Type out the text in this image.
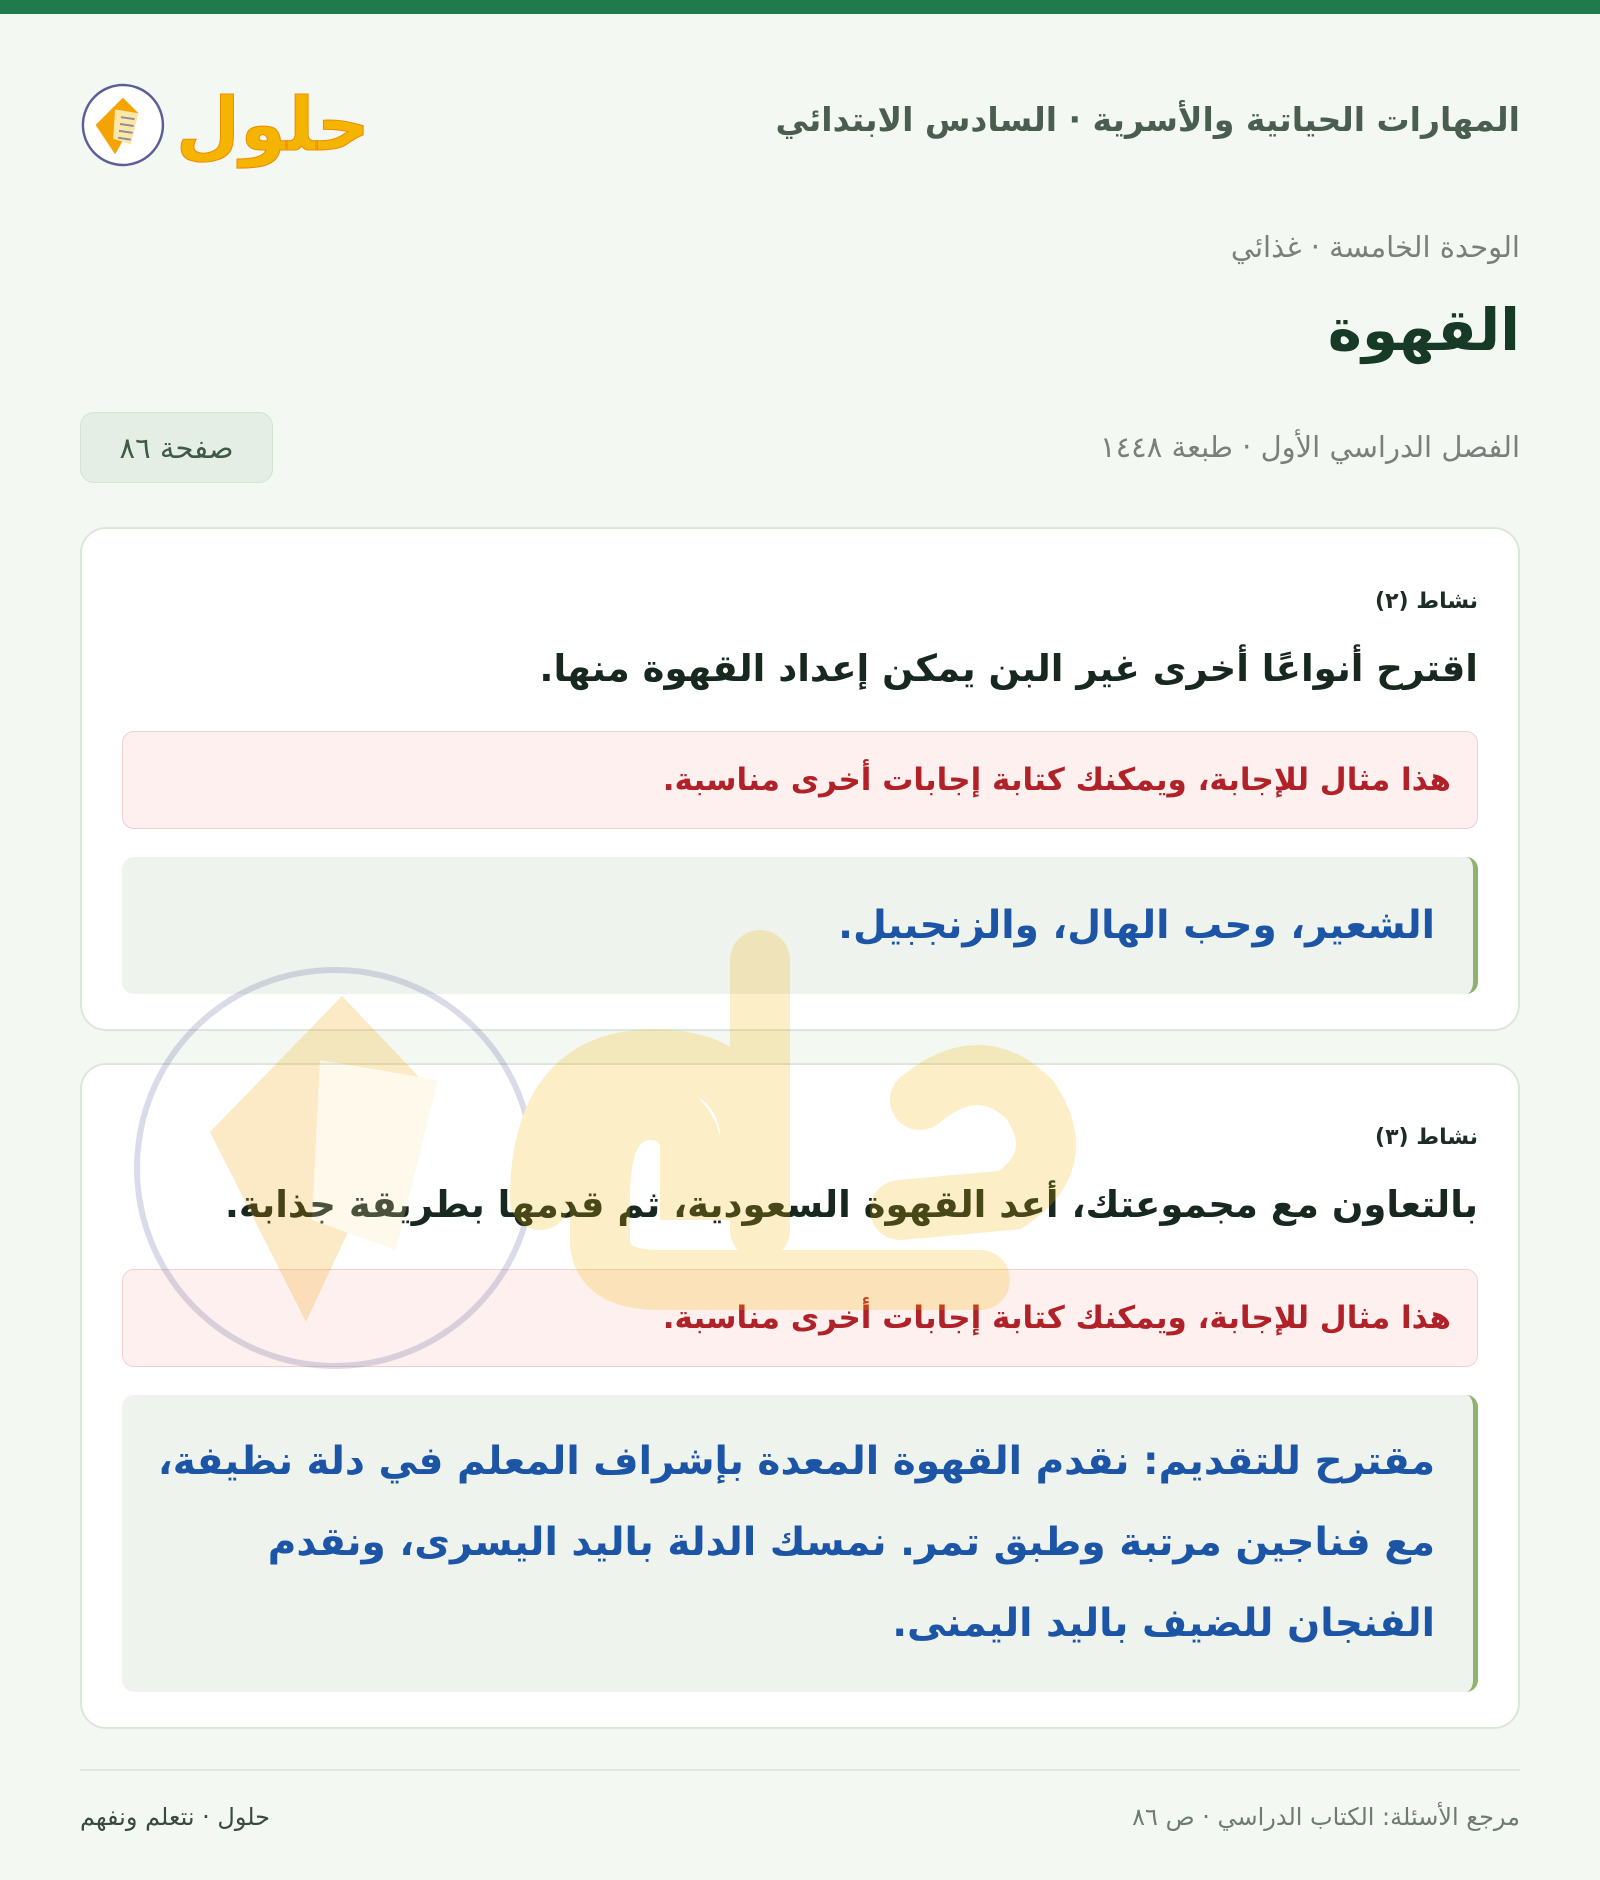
حلول	المهارات الحياتية والأسرية · السادس الابتدائي
الوحدة الخامسة · غذائي
القهوة
الفصل الدراسي الأول · طبعة ١٤٤٨
صفحة ٨٦
نشاط (٢)
اقترح أنواعًا أخرى غير البن يمكن إعداد القهوة منها.
هذا مثال للإجابة، ويمكنك كتابة إجابات أخرى مناسبة.
الشعير، وحب الهال، والزنجبيل.
نشاط (٣)
بالتعاون مع مجموعتك، أعد القهوة السعودية، ثم قدمها بطريقة جذابة.
هذا مثال للإجابة، ويمكنك كتابة إجابات أخرى مناسبة.
مقترح للتقديم: نقدم القهوة المعدة بإشراف المعلم في دلة نظيفة، مع فناجين مرتبة وطبق تمر. نمسك الدلة باليد اليسرى، ونقدم الفنجان للضيف باليد اليمنى.
مرجع الأسئلة: الكتاب الدراسي · ص ٨٦
حلول · نتعلم ونفهم
